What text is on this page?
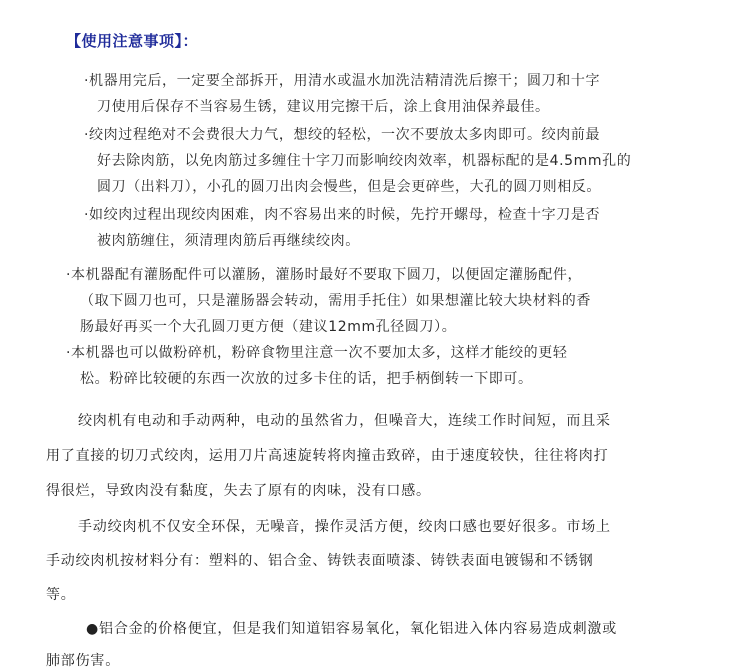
【使用注意事项】：
·机器用完后，一定要全部拆开，用清水或温水加洗洁精清洗后擦干；圆刀和十字
刀使用后保存不当容易生锈，建议用完擦干后，涂上食用油保养最佳。
·绞肉过程绝对不会费很大力气，想绞的轻松，一次不要放太多肉即可。绞肉前最
好去除肉筋，以免肉筋过多缠住十字刀而影响绞肉效率，机器标配的是4.5mm孔的
圆刀（出料刀），小孔的圆刀出肉会慢些，但是会更碎些，大孔的圆刀则相反。
·如绞肉过程出现绞肉困难，肉不容易出来的时候，先拧开螺母，检查十字刀是否
被肉筋缠住，须清理肉筋后再继续绞肉。
·本机器配有灌肠配件可以灌肠，灌肠时最好不要取下圆刀，以便固定灌肠配件，
（取下圆刀也可，只是灌肠器会转动，需用手托住）如果想灌比较大块材料的香
肠最好再买一个大孔圆刀更方便（建议12mm孔径圆刀）。
·本机器也可以做粉碎机，粉碎食物里注意一次不要加太多，这样才能绞的更轻
松。粉碎比较硬的东西一次放的过多卡住的话，把手柄倒转一下即可。
绞肉机有电动和手动两种，电动的虽然省力，但噪音大，连续工作时间短，而且采
用了直接的切刀式绞肉，运用刀片高速旋转将肉撞击致碎，由于速度较快，往往将肉打
得很烂，导致肉没有黏度，失去了原有的肉味，没有口感。
手动绞肉机不仅安全环保，无噪音，操作灵活方便，绞肉口感也要好很多。市场上
手动绞肉机按材料分有：塑料的、铝合金、铸铁表面喷漆、铸铁表面电镀锡和不锈钢
等。
●铝合金的价格便宜，但是我们知道铝容易氧化，氧化铝进入体内容易造成刺激或
肺部伤害。
